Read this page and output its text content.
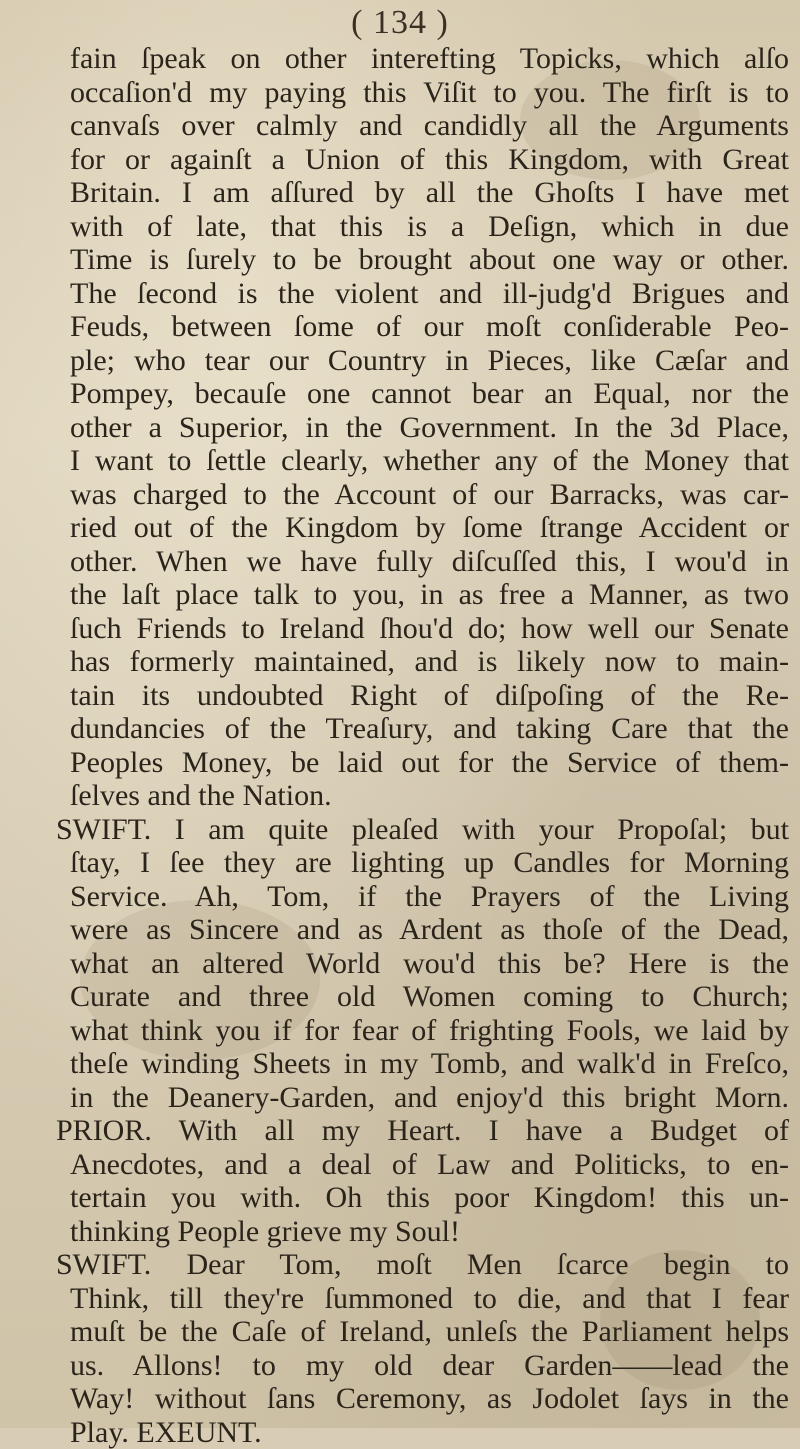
( 134 )
fain ſpeak on other interefting Topicks, which alſo
occaſion'd my paying this Viſit to you. The firſt is to
canvaſs over calmly and candidly all the Arguments
for or againſt a Union of this Kingdom, with Great
Britain. I am aſſured by all the Ghoſts I have met
with of late, that this is a Deſign, which in due
Time is ſurely to be brought about one way or other.
The ſecond is the violent and ill-judg'd Brigues and
Feuds, between ſome of our moſt conſiderable Peo-
ple; who tear our Country in Pieces, like Cæſar and
Pompey, becauſe one cannot bear an Equal, nor the
other a Superior, in the Government. In the 3d Place,
I want to ſettle clearly, whether any of the Money that
was charged to the Account of our Barracks, was car-
ried out of the Kingdom by ſome ſtrange Accident or
other. When we have fully diſcuſſed this, I wou'd in
the laſt place talk to you, in as free a Manner, as two
ſuch Friends to Ireland ſhou'd do; how well our Senate
has formerly maintained, and is likely now to main-
tain its undoubted Right of diſpoſing of the Re-
dundancies of the Treaſury, and taking Care that the
Peoples Money, be laid out for the Service of them-
ſelves and the Nation.
SWIFT. I am quite pleaſed with your Propoſal; but
ſtay, I ſee they are lighting up Candles for Morning
Service. Ah, Tom, if the Prayers of the Living
were as Sincere and as Ardent as thoſe of the Dead,
what an altered World wou'd this be? Here is the
Curate and three old Women coming to Church;
what think you if for fear of frighting Fools, we laid by
theſe winding Sheets in my Tomb, and walk'd in Freſco,
in the Deanery-Garden, and enjoy'd this bright Morn.
PRIOR. With all my Heart. I have a Budget of
Anecdotes, and a deal of Law and Politicks, to en-
tertain you with. Oh this poor Kingdom! this un-
thinking People grieve my Soul!
SWIFT. Dear Tom, moſt Men ſcarce begin to
Think, till they're ſummoned to die, and that I fear
muſt be the Caſe of Ireland, unleſs the Parliament helps
us. Allons! to my old dear Garden——lead the
Way! without ſans Ceremony, as Jodolet ſays in the
Play. EXEUNT.
